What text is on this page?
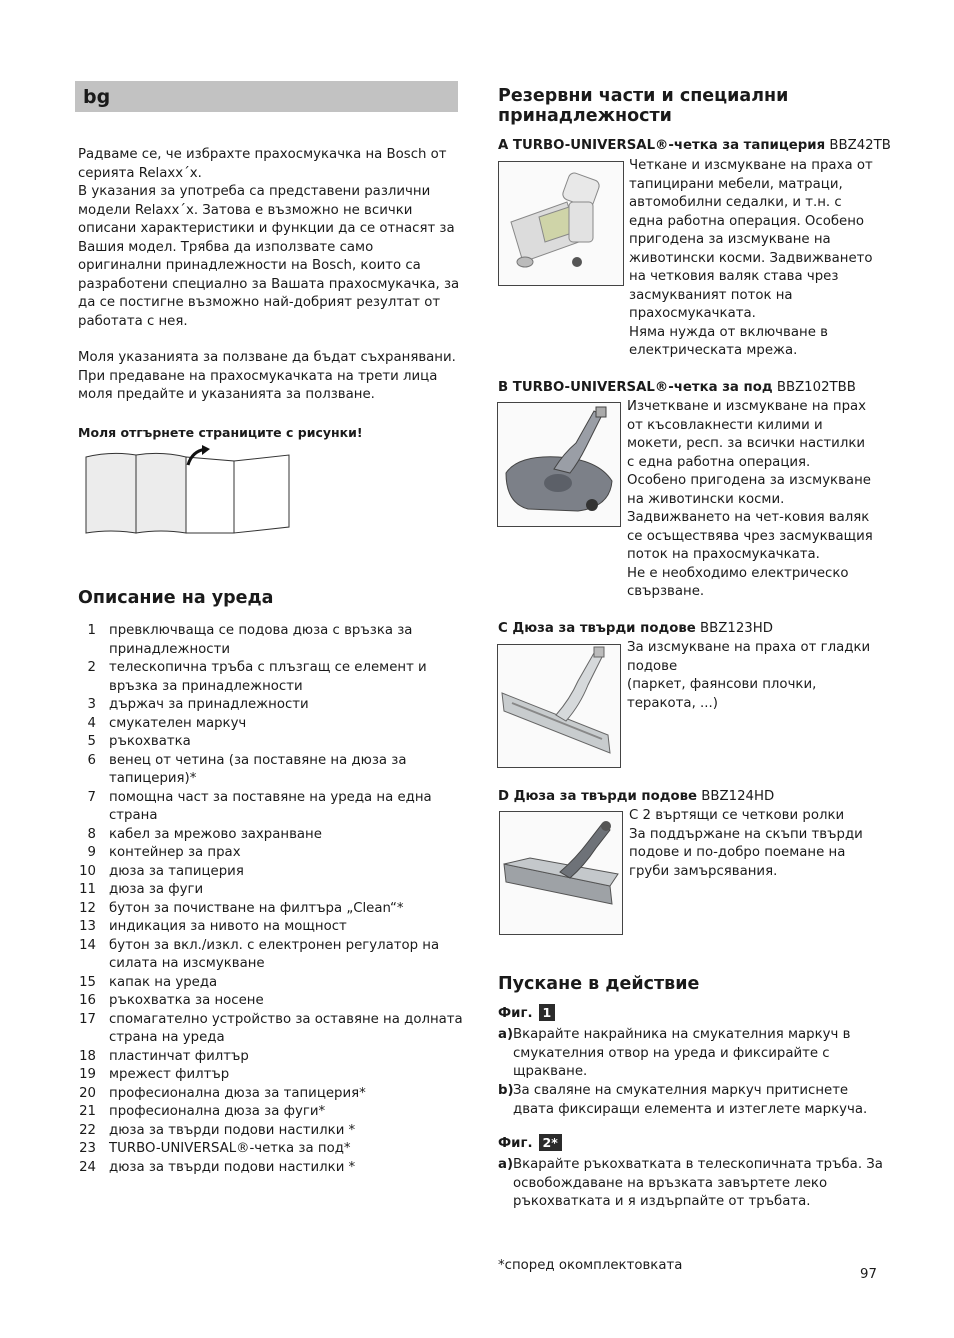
bg
Радваме се, че избрахте прахосмукачка на Bosch от
серията Relaxx´x.
В указания за употреба са представени различни
модели Relaxx´x. Затова е възможно не всички
описани характеристики и функции да се отнасят за
Вашия модел. Трябва да използвате само
оригинални принадлежности на Bosch, които са
разработени специално за Вашата прахосмукачка, за
да се постигне възможно най-добрият резултат от
работата с нея.
Моля указанията за ползване да бъдат съхранявани.
При предаване на прахосмукачката на трети лица
моля предайте и указанията за ползване.
Моля отгърнете страниците с рисунки!
Описание на уреда
1 превключваща се подова дюза с връзка за
принадлежности
2 телескопична тръба с плъзгащ се елемент и
връзка за принадлежности
3 държач за принадлежности
4 смукателен маркуч
5 ръкохватка
6 венец от четина (за поставяне на дюза за
тапицерия)*
7 помощна част за поставяне на уреда на една
страна
8 кабел за мрежово захранване
9 контейнер за прах
10 дюза за тапицерия
11 дюза за фуги
12 бутон за почистване на филтъра „Clean“*
13 индикация за нивото на мощност
14 бутон за вкл./изкл. с електронен регулатор на
силата на изсмукване
15 капак на уреда
16 ръкохватка за носене
17 спомагателно устройство за оставяне на долната
страна на уреда
18 пластинчат филтър
19 мрежест филтър
20 професионална дюза за тапицерия*
21 професионална дюза за фуги*
22 дюза за твърди подови настилки *
23 TURBO-UNIVERSAL®-четка за под*
24 дюза за твърди подови настилки *
Резервни части и специални
принадлежности
A TURBO-UNIVERSAL®-четка за тапицерия BBZ42TB
Четкане и изсмукване на праха от
тапицирани мебели, матраци,
автомобилни седалки, и т.н. с
една работна операция. Особено
пригодена за изсмукване на
животински косми. Задвижването
на четковия валяк става чрез
засмукваният поток на
прахосмукачката.
Няма нужда от включване в
електрическата мрежа.
B TURBO-UNIVERSAL®-четка за под BBZ102TBB
Изчеткване и изсмукване на прах
от късовлакнести килими и
мокети, респ. за всички настилки
с една работна операция.
Особено пригодена за изсмукване
на животински косми.
Задвижването на чет-ковия валяк
се осъществява чрез засмукващия
поток на прахосмукачката.
Не е необходимо електрическо
свързване.
C Дюза за твърди подове BBZ123HD
За изсмукване на праха от гладки
подове
(паркет, фаянсови плочки,
теракота, ...)
D Дюза за твърди подове BBZ124HD
С 2 въртящи се четкови ролки
За поддържане на скъпи твърди
подове и по-добро поемане на
груби замърсявания.
Пускане в действие
Фиг. 1
a) Вкарайте накрайника на смукателния маркуч в
смукателния отвор на уреда и фиксирайте с
щракване.
b) За сваляне на смукателния маркуч притиснете
двата фиксиращи елемента и изтеглете маркуча.
Фиг. 2*
a) Вкарайте ръкохватката в телескопичната тръба. За
освобождаване на връзката завъртете леко
ръкохватката и я издърпайте от тръбата.
*според окомплектовката
97
